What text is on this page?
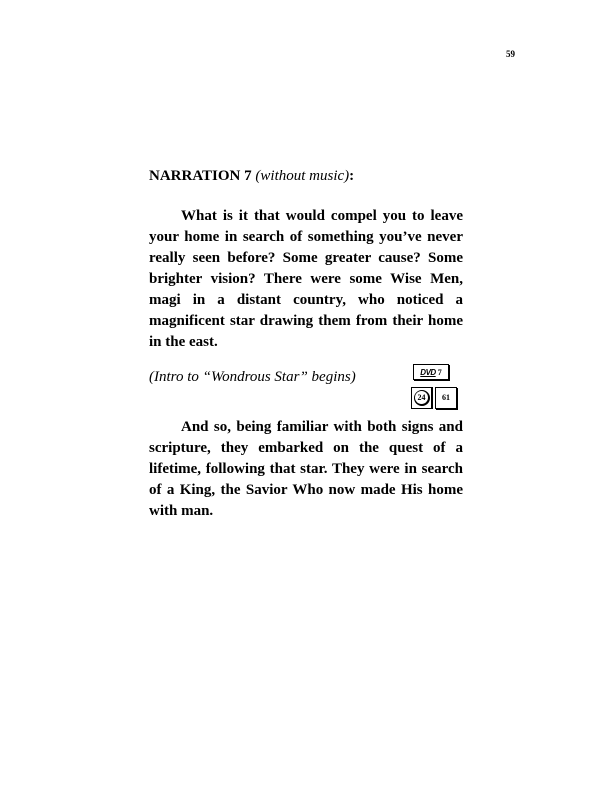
59

NARRATION 7 (without music):

What is it that would compel you to leave your home in search of something you’ve never really seen before? Some greater cause? Some brighter vision? There were some Wise Men, magi in a distant country, who noticed a magnificent star drawing them from their home in the east.

(Intro to “Wondrous Star” begins)	DVD 7
24	61

And so, being familiar with both signs and scripture, they embarked on the quest of a lifetime, following that star. They were in search of a King, the Savior Who now made His home with man.
